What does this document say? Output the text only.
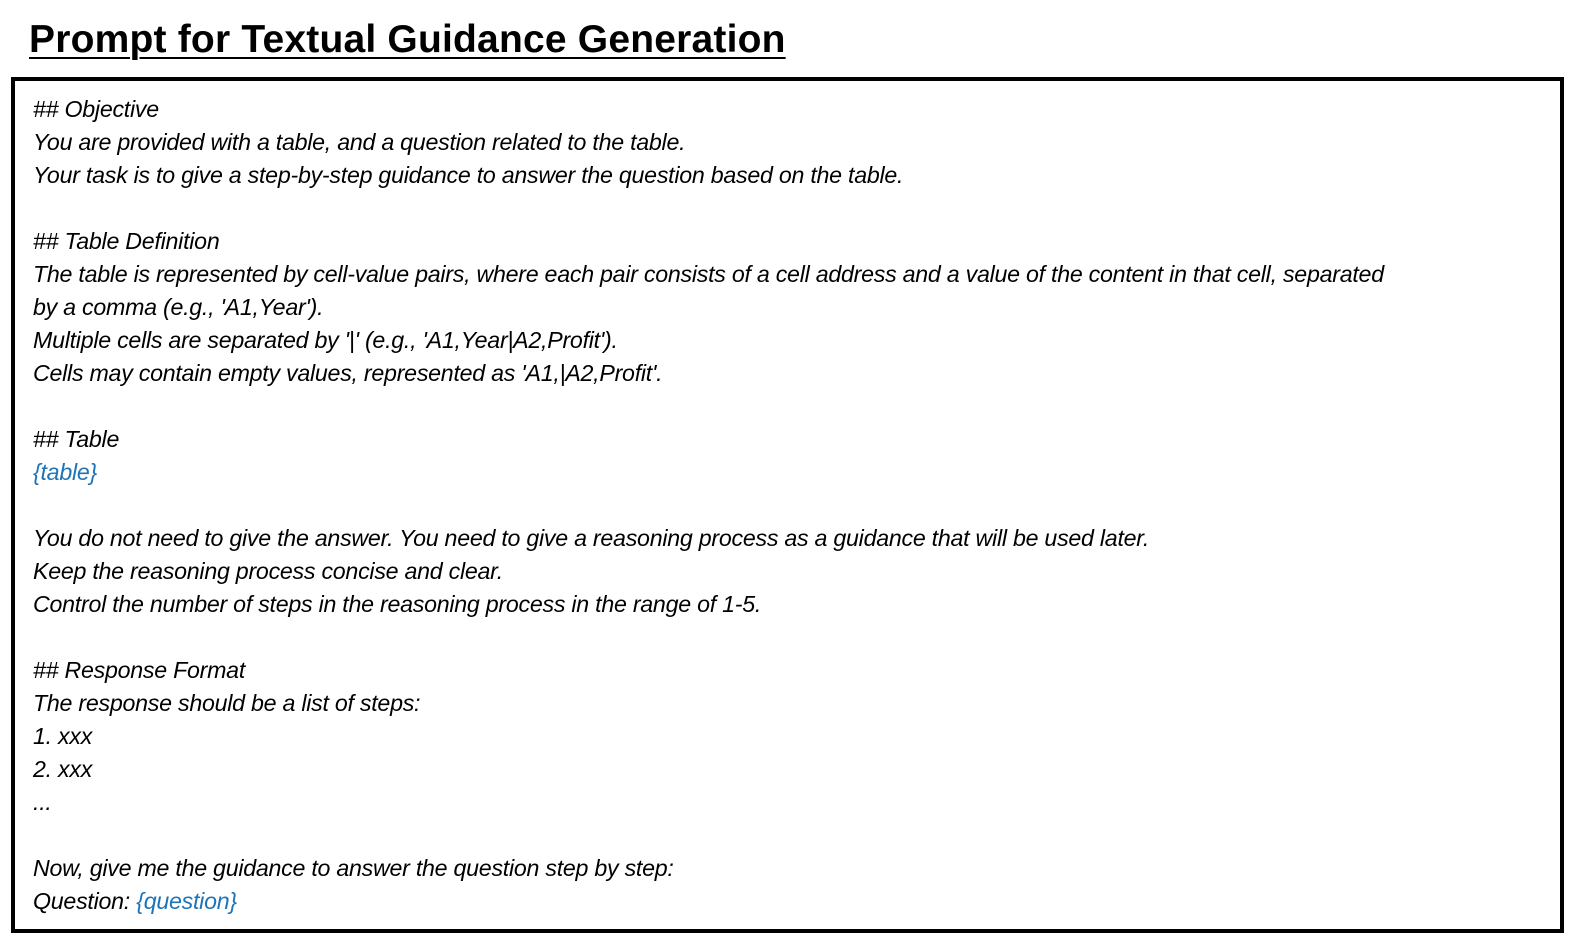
Prompt for Textual Guidance Generation
## Objective
You are provided with a table, and a question related to the table.
Your task is to give a step-by-step guidance to answer the question based on the table.
## Table Definition
The table is represented by cell-value pairs, where each pair consists of a cell address and a value of the content in that cell, separated
by a comma (e.g., 'A1,Year').
Multiple cells are separated by '|' (e.g., 'A1,Year|A2,Profit').
Cells may contain empty values, represented as 'A1,|A2,Profit'.
## Table
{table}
You do not need to give the answer. You need to give a reasoning process as a guidance that will be used later.
Keep the reasoning process concise and clear.
Control the number of steps in the reasoning process in the range of 1-5.
## Response Format
The response should be a list of steps:
1. xxx
2. xxx
...
Now, give me the guidance to answer the question step by step:
Question: {question}
